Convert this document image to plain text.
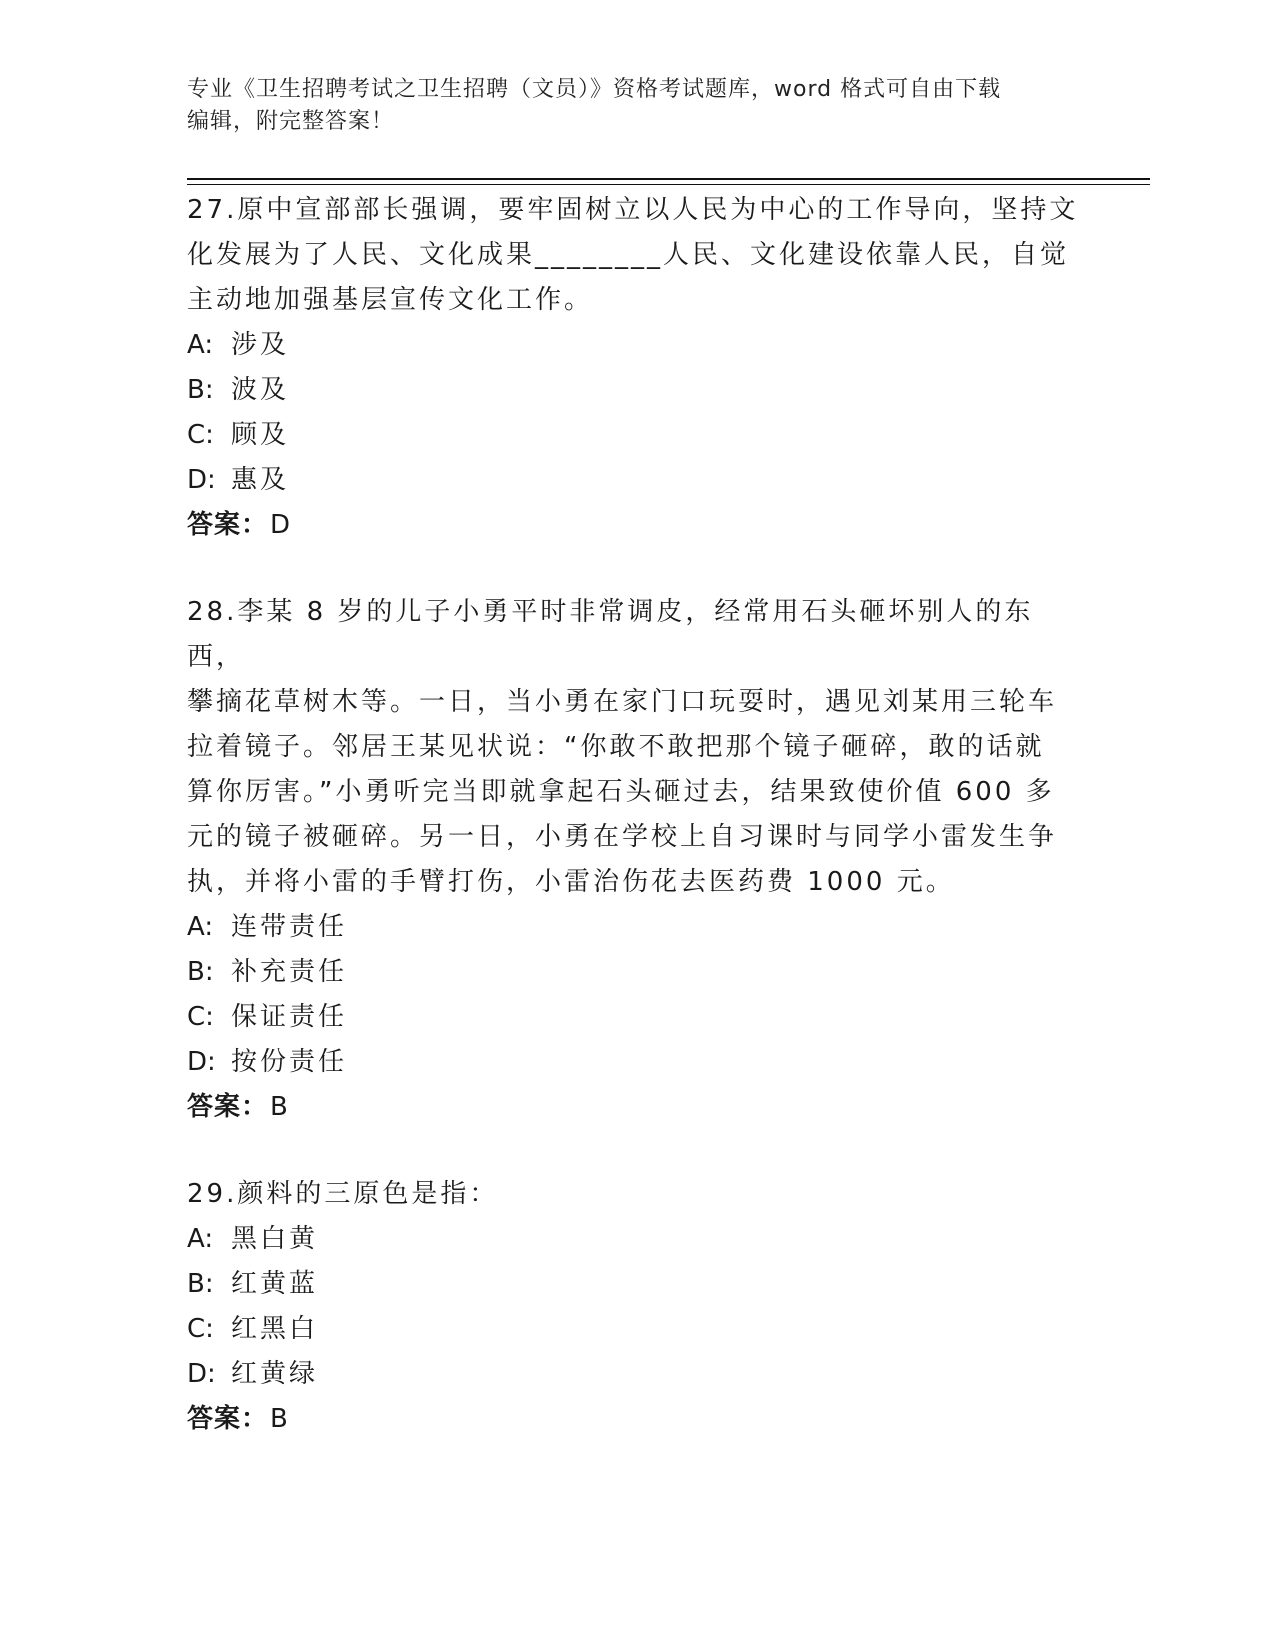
专业《卫生招聘考试之卫生招聘（文员）》资格考试题库，word 格式可自由下载
编辑，附完整答案！
27.原中宣部部长强调，要牢固树立以人民为中心的工作导向，坚持文
化发展为了人民、文化成果________人民、文化建设依靠人民，自觉
主动地加强基层宣传文化工作。
A: 涉及
B: 波及
C: 顾及
D: 惠及
答案：D
28.李某 8 岁的儿子小勇平时非常调皮，经常用石头砸坏别人的东西，
攀摘花草树木等。一日，当小勇在家门口玩耍时，遇见刘某用三轮车
拉着镜子。邻居王某见状说：“你敢不敢把那个镜子砸碎，敢的话就
算你厉害。”小勇听完当即就拿起石头砸过去，结果致使价值 600 多
元的镜子被砸碎。另一日，小勇在学校上自习课时与同学小雷发生争
执，并将小雷的手臂打伤，小雷治伤花去医药费 1000 元。
A: 连带责任
B: 补充责任
C: 保证责任
D: 按份责任
答案：B
29.颜料的三原色是指：
A: 黑白黄
B: 红黄蓝
C: 红黑白
D: 红黄绿
答案：B
